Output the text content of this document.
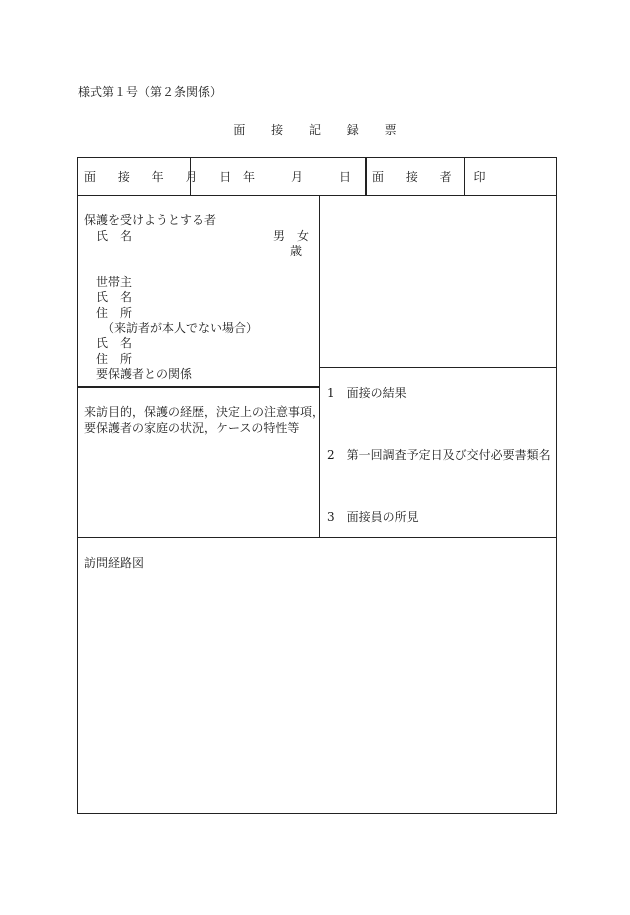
様式第１号（第２条関係）
面 接 記 録 票
面 接 年 月 日 年	月	日 面 接 者 印
保護を受けようとする者
氏　名	男　女
歳
世帯主
氏　名
住　所
（来訪者が本人でない場合）
氏　名
住　所
要保護者との関係
来訪目的，保護の経歴，決定上の注意事項，
要保護者の家庭の状況，ケースの特性等
1　面接の結果
2　第一回調査予定日及び交付必要書類名
3　面接員の所見
訪問経路図
